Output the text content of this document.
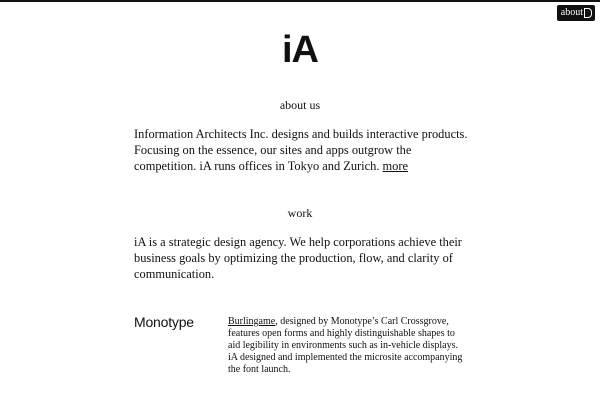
about
iA
about us
Information Architects Inc. designs and builds interactive products. Focusing on the essence, our sites and apps outgrow the competition. iA runs offices in Tokyo and Zurich. more
work
iA is a strategic design agency. We help corporations achieve their business goals by optimizing the production, flow, and clarity of communication.
Monotype	Burlingame, designed by Monotype’s Carl Crossgrove, features open forms and highly distinguishable shapes to aid legibility in environments such as in-vehicle displays. iA designed and implemented the microsite accompanying the font launch.
